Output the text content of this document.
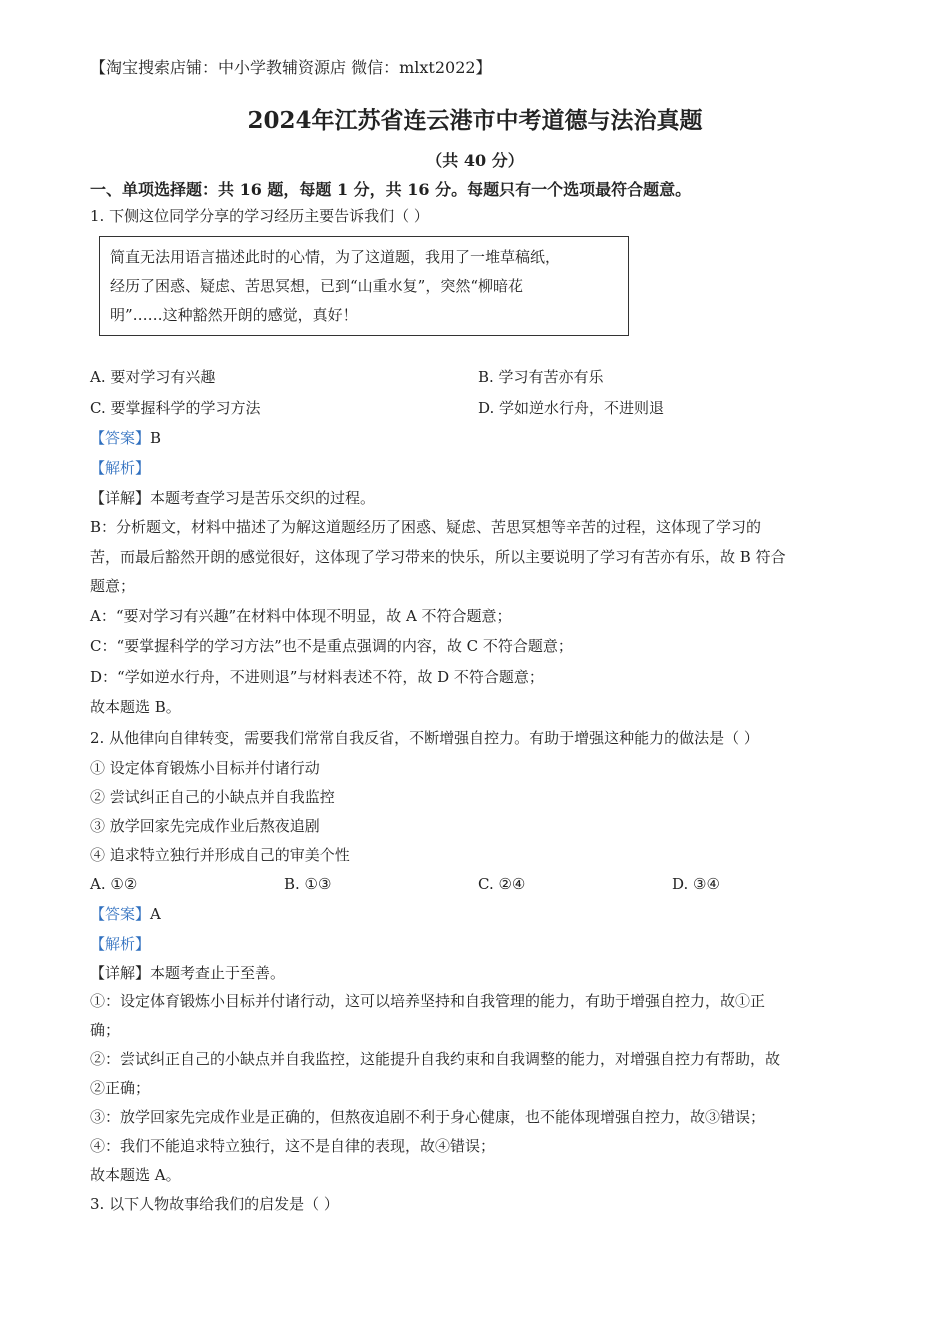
【淘宝搜索店铺：中小学教辅资源店 微信：mlxt2022】
2024年江苏省连云港市中考道德与法治真题
（共 40 分）
一、单项选择题：共 16 题，每题 1 分，共 16 分。每题只有一个选项最符合题意。
1. 下侧这位同学分享的学习经历主要告诉我们（ ）
简直无法用语言描述此时的心情，为了这道题，我用了一堆草稿纸，
经历了困惑、疑虑、苦思冥想，已到“山重水复”，突然“柳暗花
明”……这种豁然开朗的感觉，真好！
A. 要对学习有兴趣	B. 学习有苦亦有乐
C. 要掌握科学的学习方法	D. 学如逆水行舟，不进则退
【答案】B
【解析】
【详解】本题考查学习是苦乐交织的过程。
B：分析题文，材料中描述了为解这道题经历了困惑、疑虑、苦思冥想等辛苦的过程，这体现了学习的
苦，而最后豁然开朗的感觉很好，这体现了学习带来的快乐，所以主要说明了学习有苦亦有乐，故 B 符合
题意；
A：“要对学习有兴趣”在材料中体现不明显，故 A 不符合题意；
C：“要掌握科学的学习方法”也不是重点强调的内容，故 C 不符合题意；
D：“学如逆水行舟，不进则退”与材料表述不符，故 D 不符合题意；
故本题选 B。
2. 从他律向自律转变，需要我们常常自我反省，不断增强自控力。有助于增强这种能力的做法是（ ）
① 设定体育锻炼小目标并付诸行动
② 尝试纠正自己的小缺点并自我监控
③ 放学回家先完成作业后熬夜追剧
④ 追求特立独行并形成自己的审美个性
A. ①②	B. ①③	C. ②④	D. ③④
【答案】A
【解析】
【详解】本题考查止于至善。
①：设定体育锻炼小目标并付诸行动，这可以培养坚持和自我管理的能力，有助于增强自控力，故①正
确；
②：尝试纠正自己的小缺点并自我监控，这能提升自我约束和自我调整的能力，对增强自控力有帮助，故
②正确；
③：放学回家先完成作业是正确的，但熬夜追剧不利于身心健康，也不能体现增强自控力，故③错误；
④：我们不能追求特立独行，这不是自律的表现，故④错误；
故本题选 A。
3. 以下人物故事给我们的启发是（ ）
